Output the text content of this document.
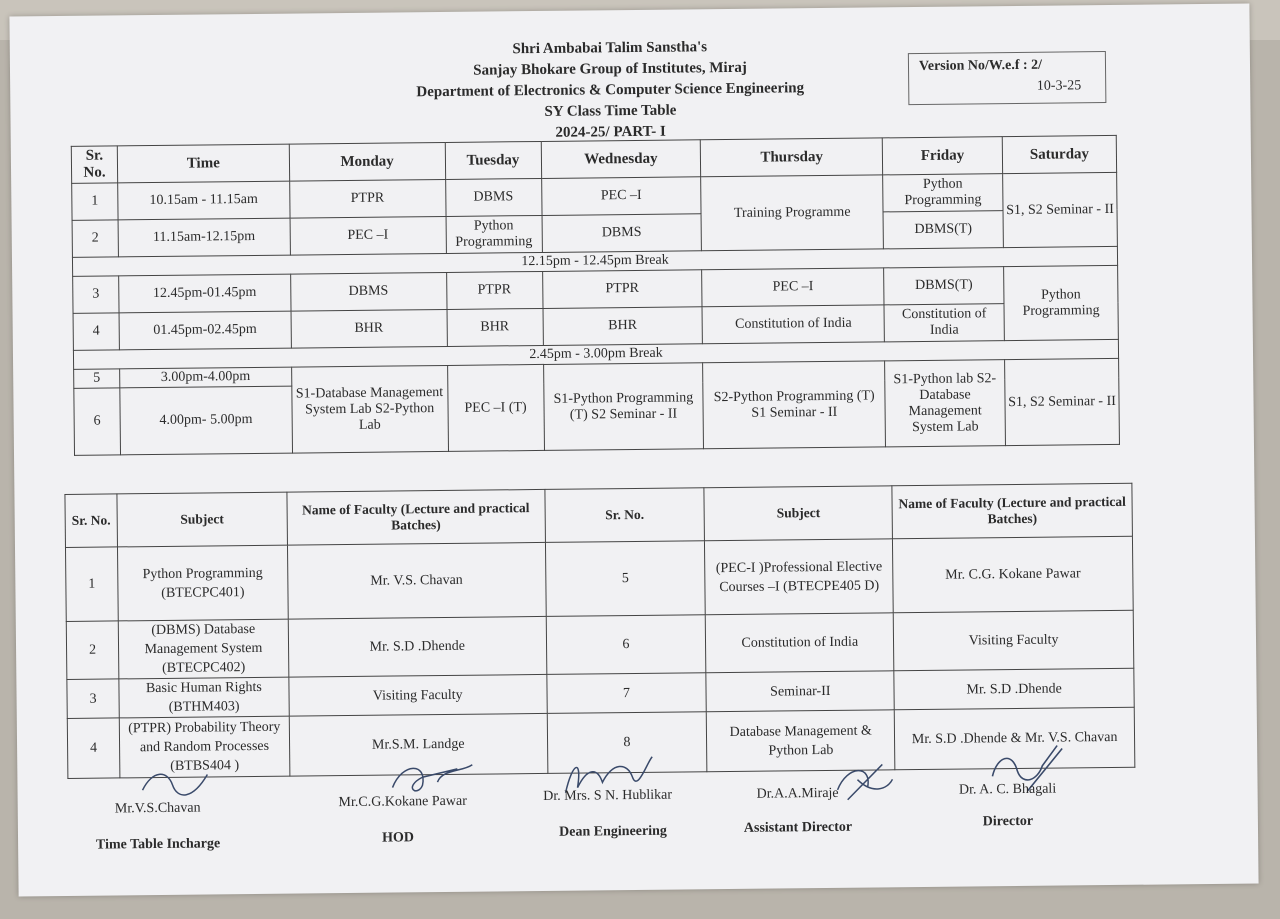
Shri Ambabai Talim Sanstha's
Sanjay Bhokare Group of Institutes, Miraj
Department of Electronics & Computer Science Engineering
SY Class Time Table
2024-25/ PART- I
Version No/W.e.f : 2/
10-3-25
Sr. No.	Time	Monday	Tuesday	Wednesday	Thursday	Friday	Saturday
1	10.15am - 11.15am	PTPR	DBMS	PEC –I	Training Programme	Python Programming	S1, S2 Seminar - II
2	11.15am-12.15pm	PEC –I	Python Programming	DBMS		DBMS(T)	
12.15pm - 12.45pm Break							
3	12.45pm-01.45pm	DBMS	PTPR	PTPR	PEC –I	DBMS(T)	Python Programming
4	01.45pm-02.45pm	BHR	BHR	BHR	Constitution of India	Constitution of India	
2.45pm - 3.00pm Break							
5	3.00pm-4.00pm	S1-Database Management System Lab S2-Python Lab	PEC –I (T)	S1-Python Programming (T) S2 Seminar - II	S2-Python Programming (T) S1 Seminar - II	S1-Python lab S2- Database Management System Lab	S1, S2 Seminar - II
6	4.00pm- 5.00pm						
Sr. No.	Subject	Name of Faculty (Lecture and practical Batches)	Sr. No.	Subject	Name of Faculty (Lecture and practical Batches)
1	Python Programming (BTECPC401)	Mr. V.S. Chavan	5	(PEC-I )Professional Elective Courses –I (BTECPE405 D)	Mr. C.G. Kokane Pawar
2	(DBMS) Database Management System (BTECPC402)	Mr. S.D .Dhende	6	Constitution of India	Visiting Faculty
3	Basic Human Rights (BTHM403)	Visiting Faculty	7	Seminar-II	Mr. S.D .Dhende
4	(PTPR) Probability Theory and Random Processes (BTBS404 )	Mr.S.M. Landge	8	Database Management & Python Lab	Mr. S.D .Dhende & Mr. V.S. Chavan
Mr.V.S.Chavan	Mr.C.G.Kokane Pawar	Dr. Mrs. S N. Hublikar	Dr.A.A.Miraje	Dr. A. C. Bhagali
Time Table Incharge	HOD	Dean Engineering	Assistant Director	Director
